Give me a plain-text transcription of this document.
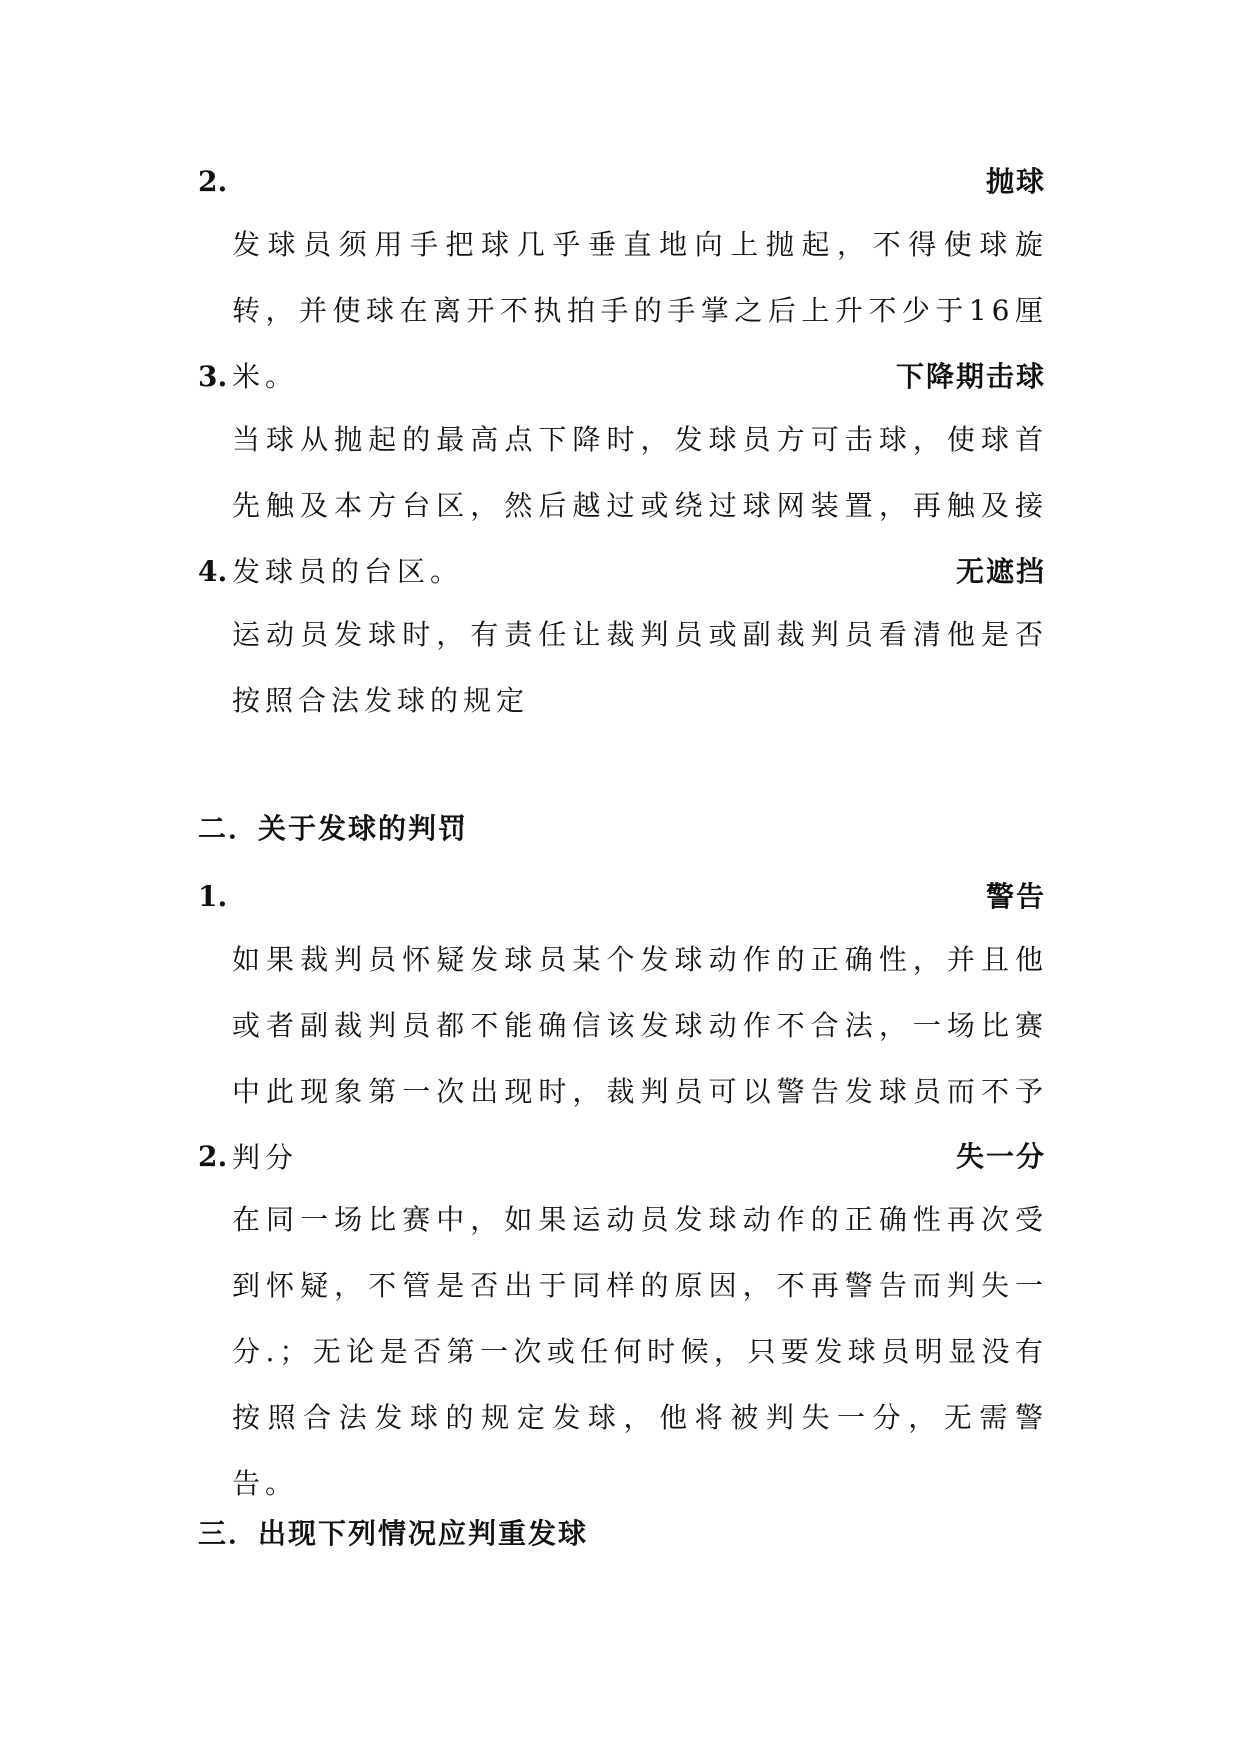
2.	抛球

发球员须用手把球几乎垂直地向上抛起，不得使球旋转，并使球在离开不执拍手的手掌之后上升不少于16厘米。

3.	下降期击球

当球从抛起的最高点下降时，发球员方可击球，使球首先触及本方台区，然后越过或绕过球网装置，再触及接发球员的台区。

4.	无遮挡

运动员发球时，有责任让裁判员或副裁判员看清他是否按照合法发球的规定

二．关于发球的判罚
1.	警告

如果裁判员怀疑发球员某个发球动作的正确性，并且他或者副裁判员都不能确信该发球动作不合法，一场比赛中此现象第一次出现时，裁判员可以警告发球员而不予判分

2.	失一分

在同一场比赛中，如果运动员发球动作的正确性再次受到怀疑，不管是否出于同样的原因，不再警告而判失一分.；无论是否第一次或任何时候，只要发球员明显没有按照合法发球的规定发球，他将被判失一分，无需警告。

三．出现下列情况应判重发球
